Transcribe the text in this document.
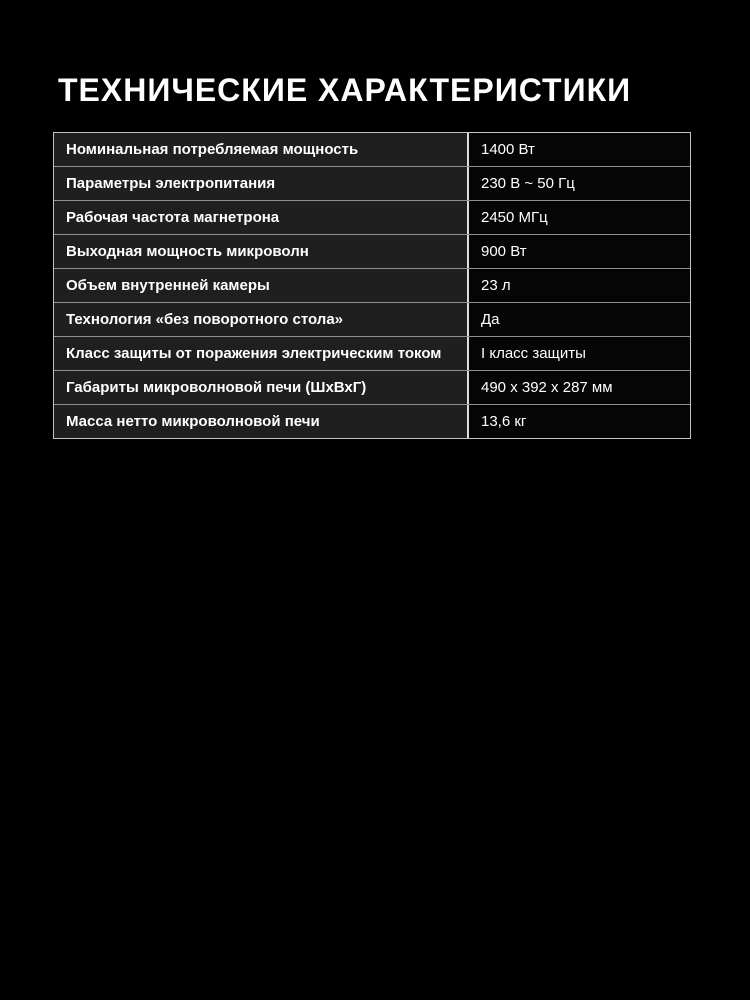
ТЕХНИЧЕСКИЕ ХАРАКТЕРИСТИКИ
Номинальная потребляемая мощность	1400 Вт
Параметры электропитания	230 В ~ 50 Гц
Рабочая частота магнетрона	2450 МГц
Выходная мощность микроволн	900 Вт
Объем внутренней камеры	23 л
Технология «без поворотного стола»	Да
Класс защиты от поражения электрическим током	I класс защиты
Габариты микроволновой печи (ШхВхГ)	490 x 392 x 287 мм
Масса нетто микроволновой печи	13,6 кг
